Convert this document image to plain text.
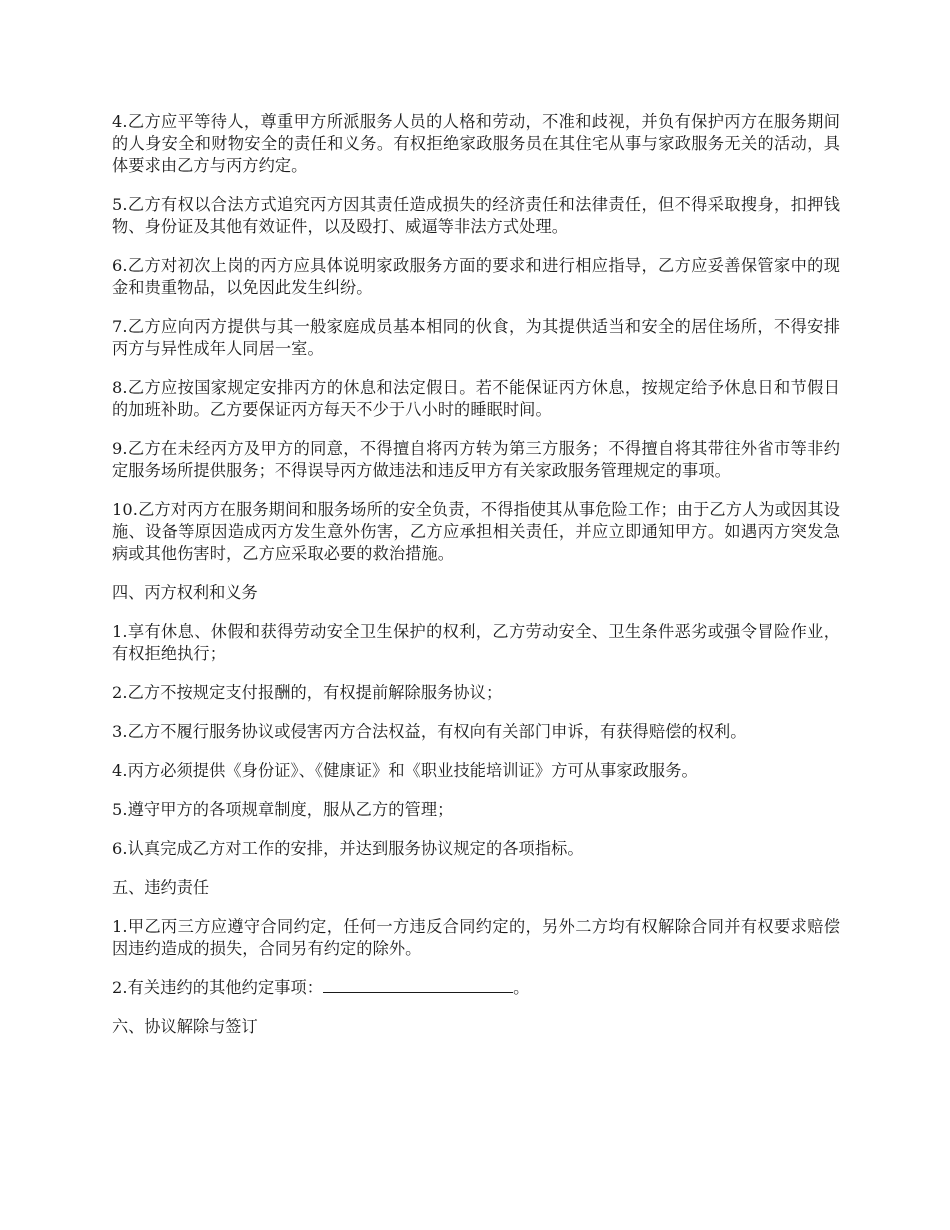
4.乙方应平等待人，尊重甲方所派服务人员的人格和劳动，不准和歧视，并负有保护丙方在服务期间的人身安全和财物安全的责任和义务。有权拒绝家政服务员在其住宅从事与家政服务无关的活动，具体要求由乙方与丙方约定。

5.乙方有权以合法方式追究丙方因其责任造成损失的经济责任和法律责任，但不得采取搜身，扣押钱物、身份证及其他有效证件，以及殴打、威逼等非法方式处理。

6.乙方对初次上岗的丙方应具体说明家政服务方面的要求和进行相应指导，乙方应妥善保管家中的现金和贵重物品，以免因此发生纠纷。

7.乙方应向丙方提供与其一般家庭成员基本相同的伙食，为其提供适当和安全的居住场所，不得安排丙方与异性成年人同居一室。

8.乙方应按国家规定安排丙方的休息和法定假日。若不能保证丙方休息，按规定给予休息日和节假日的加班补助。乙方要保证丙方每天不少于八小时的睡眠时间。

9.乙方在未经丙方及甲方的同意，不得擅自将丙方转为第三方服务；不得擅自将其带往外省市等非约定服务场所提供服务；不得误导丙方做违法和违反甲方有关家政服务管理规定的事项。

10.乙方对丙方在服务期间和服务场所的安全负责，不得指使其从事危险工作；由于乙方人为或因其设施、设备等原因造成丙方发生意外伤害，乙方应承担相关责任，并应立即通知甲方。如遇丙方突发急病或其他伤害时，乙方应采取必要的救治措施。

四、丙方权利和义务

1.享有休息、休假和获得劳动安全卫生保护的权利，乙方劳动安全、卫生条件恶劣或强令冒险作业，有权拒绝执行；

2.乙方不按规定支付报酬的，有权提前解除服务协议；

3.乙方不履行服务协议或侵害丙方合法权益，有权向有关部门申诉，有获得赔偿的权利。

4.丙方必须提供《身份证》、《健康证》和《职业技能培训证》方可从事家政服务。

5.遵守甲方的各项规章制度，服从乙方的管理；

6.认真完成乙方对工作的安排，并达到服务协议规定的各项指标。

五、违约责任

1.甲乙丙三方应遵守合同约定，任何一方违反合同约定的，另外二方均有权解除合同并有权要求赔偿因违约造成的损失，合同另有约定的除外。

2.有关违约的其他约定事项：	。

六、协议解除与签订
